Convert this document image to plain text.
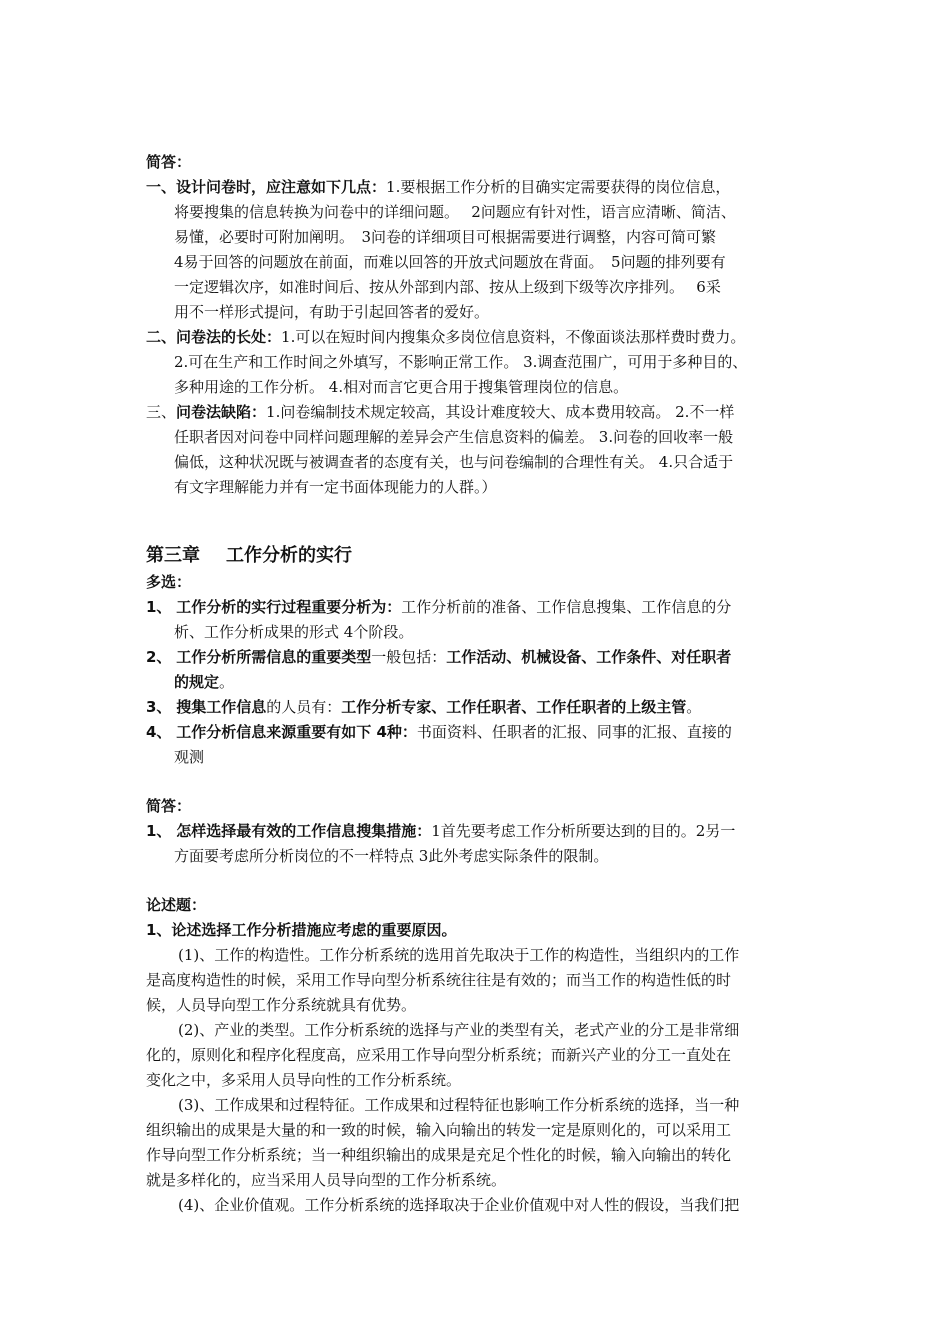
简答：
一、设计问卷时，应注意如下几点：1.要根据工作分析的目确实定需要获得的岗位信息，
将要搜集的信息转换为问卷中的详细问题。　 2问题应有针对性，语言应清晰、简洁、
易懂，必要时可附加阐明。　3问卷的详细项目可根据需要进行调整，内容可简可繁
4易于回答的问题放在前面，而难以回答的开放式问题放在背面。　5问题的排列要有
一定逻辑次序，如准时间后、按从外部到内部、按从上级到下级等次序排列。　 6采
用不一样形式提问，有助于引起回答者的爱好。
二、问卷法的长处：1.可以在短时间内搜集众多岗位信息资料，不像面谈法那样费时费力。
2.可在生产和工作时间之外填写，不影响正常工作。 3.调查范围广，可用于多种目的、
多种用途的工作分析。 4.相对而言它更合用于搜集管理岗位的信息。
三、问卷法缺陷：1.问卷编制技术规定较高，其设计难度较大、成本费用较高。 2.不一样
任职者因对问卷中同样问题理解的差异会产生信息资料的偏差。 3.问卷的回收率一般
偏低，这种状况既与被调查者的态度有关，也与问卷编制的合理性有关。 4.只合适于
有文字理解能力并有一定书面体现能力的人群。）
第三章 工作分析的实行
多选：
1、 工作分析的实行过程重要分析为：工作分析前的准备、工作信息搜集、工作信息的分
析、工作分析成果的形式 4个阶段。
2、 工作分析所需信息的重要类型一般包括：工作活动、机械设备、工作条件、对任职者
的规定。
3、 搜集工作信息的人员有：工作分析专家、工作任职者、工作任职者的上级主管。
4、 工作分析信息来源重要有如下 4种：书面资料、任职者的汇报、同事的汇报、直接的
观测
简答：
1、 怎样选择最有效的工作信息搜集措施：1首先要考虑工作分析所要达到的目的。2另一
方面要考虑所分析岗位的不一样特点 3此外考虑实际条件的限制。
论述题：
1、论述选择工作分析措施应考虑的重要原因。
(1)、工作的构造性。工作分析系统的选用首先取决于工作的构造性，当组织内的工作
是高度构造性的时候，采用工作导向型分析系统往往是有效的；而当工作的构造性低的时
候，人员导向型工作分系统就具有优势。
(2)、产业的类型。工作分析系统的选择与产业的类型有关，老式产业的分工是非常细
化的，原则化和程序化程度高，应采用工作导向型分析系统；而新兴产业的分工一直处在
变化之中，多采用人员导向性的工作分析系统。
(3)、工作成果和过程特征。工作成果和过程特征也影响工作分析系统的选择，当一种
组织输出的成果是大量的和一致的时候，输入向输出的转发一定是原则化的，可以采用工
作导向型工作分析系统；当一种组织输出的成果是充足个性化的时候，输入向输出的转化
就是多样化的，应当采用人员导向型的工作分析系统。
(4)、企业价值观。工作分析系统的选择取决于企业价值观中对人性的假设，当我们把
